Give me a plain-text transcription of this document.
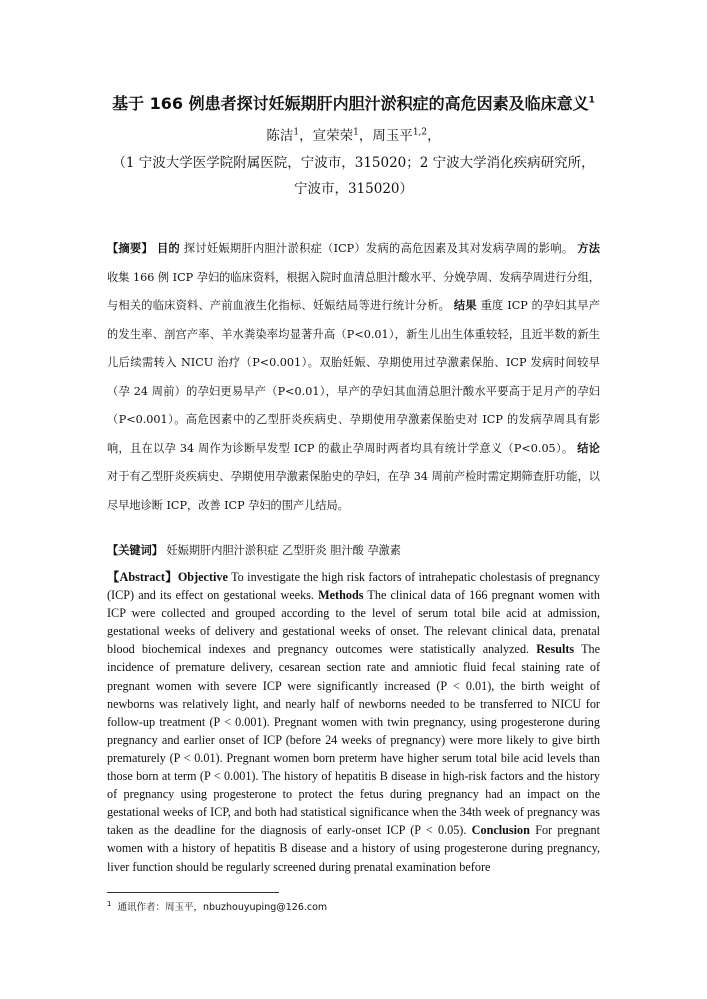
基于 166 例患者探讨妊娠期肝内胆汁淤积症的高危因素及临床意义$^1$
陈洁$^1$，宣荣荣$^1$，周玉平$^{1,2}$，
（1 宁波大学医学院附属医院，宁波市，315020；2 宁波大学消化疾病研究所，
宁波市，315020）
【摘要】 目的 探讨妊娠期肝内胆汁淤积症（ICP）发病的高危因素及其对发病孕周的影响。 方法 收集 166 例 ICP 孕妇的临床资料，根据入院时血清总胆汁酸水平、分娩孕周、发病孕周进行分组，与相关的临床资料、产前血液生化指标、妊娠结局等进行统计分析。 结果 重度 ICP 的孕妇其早产的发生率、剖宫产率、羊水粪染率均显著升高（P<0.01），新生儿出生体重较轻，且近半数的新生儿后续需转入 NICU 治疗（P<0.001）。双胎妊娠、孕期使用过孕激素保胎、ICP 发病时间较早（孕 24 周前）的孕妇更易早产（P<0.01），早产的孕妇其血清总胆汁酸水平要高于足月产的孕妇（P<0.001）。高危因素中的乙型肝炎疾病史、孕期使用孕激素保胎史对 ICP 的发病孕周具有影响，且在以孕 34 周作为诊断早发型 ICP 的截止孕周时两者均具有统计学意义（P<0.05）。 结论 对于有乙型肝炎疾病史、孕期使用孕激素保胎史的孕妇，在孕 34 周前产检时需定期筛查肝功能，以尽早地诊断 ICP，改善 ICP 孕妇的围产儿结局。
【关键词】 妊娠期肝内胆汁淤积症 乙型肝炎 胆汁酸 孕激素
【Abstract】Objective To investigate the high risk factors of intrahepatic cholestasis of pregnancy (ICP) and its effect on gestational weeks. Methods The clinical data of 166 pregnant women with ICP were collected and grouped according to the level of serum total bile acid at admission, gestational weeks of delivery and gestational weeks of onset. The relevant clinical data, prenatal blood biochemical indexes and pregnancy outcomes were statistically analyzed. Results The incidence of premature delivery, cesarean section rate and amniotic fluid fecal staining rate of pregnant women with severe ICP were significantly increased (P < 0.01), the birth weight of newborns was relatively light, and nearly half of newborns needed to be transferred to NICU for follow-up treatment (P < 0.001). Pregnant women with twin pregnancy, using progesterone during pregnancy and earlier onset of ICP (before 24 weeks of pregnancy) were more likely to give birth prematurely (P < 0.01). Pregnant women born preterm have higher serum total bile acid levels than those born at term (P < 0.001). The history of hepatitis B disease in high-risk factors and the history of pregnancy using progesterone to protect the fetus during pregnancy had an impact on the gestational weeks of ICP, and both had statistical significance when the 34th week of pregnancy was taken as the deadline for the diagnosis of early-onset ICP (P < 0.05). Conclusion For pregnant women with a history of hepatitis B disease and a history of using progesterone during pregnancy, liver function should be regularly screened during prenatal examination before
$^1$ 通讯作者：周玉平，nbuzhouyuping@126.com
